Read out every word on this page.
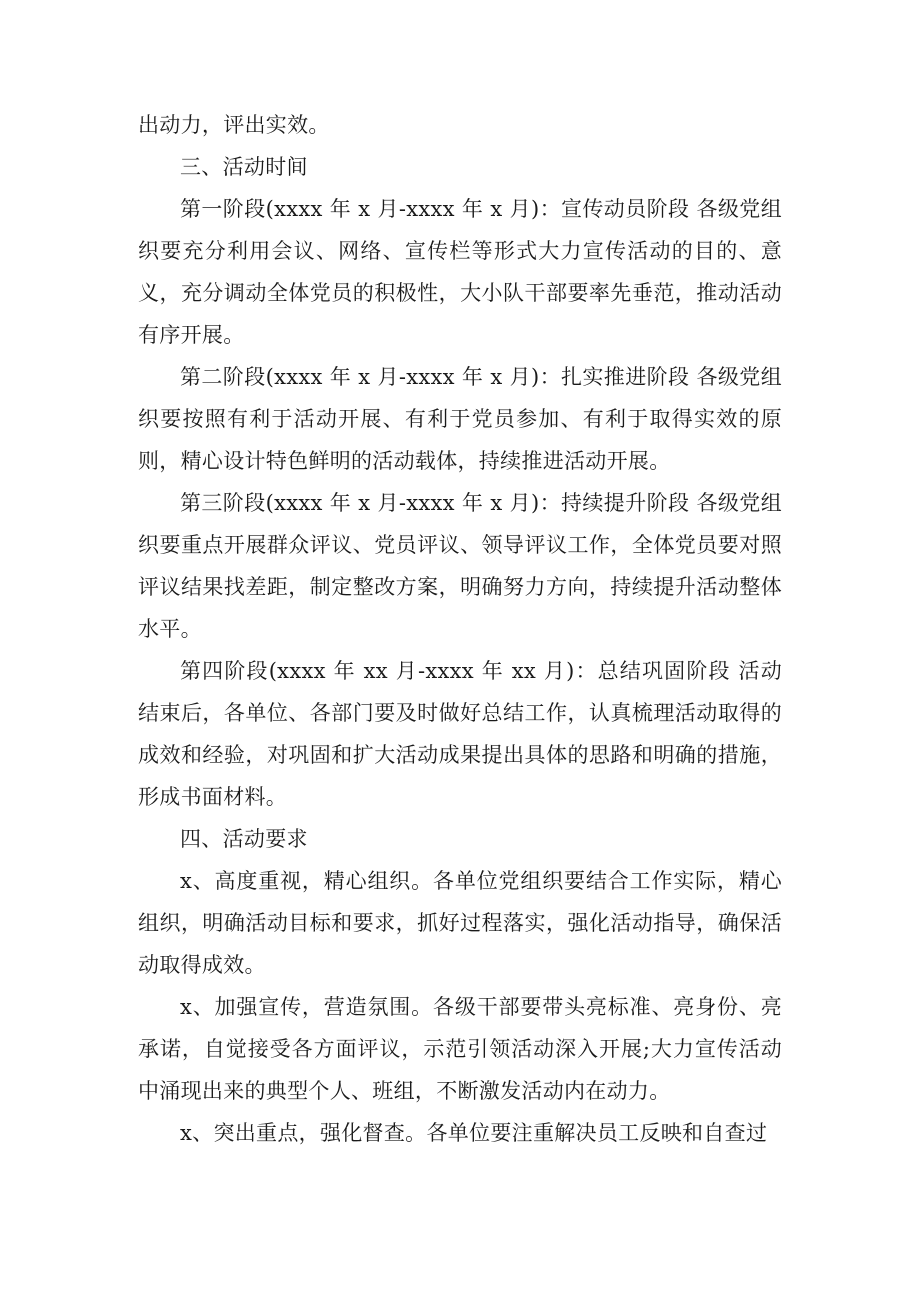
出动力，评出实效。

三、活动时间

第一阶段(xxxx 年 x 月-xxxx 年 x 月)：宣传动员阶段 各级党组织要充分利用会议、网络、宣传栏等形式大力宣传活动的目的、意义，充分调动全体党员的积极性，大小队干部要率先垂范，推动活动有序开展。

第二阶段(xxxx 年 x 月-xxxx 年 x 月)：扎实推进阶段 各级党组织要按照有利于活动开展、有利于党员参加、有利于取得实效的原则，精心设计特色鲜明的活动载体，持续推进活动开展。

第三阶段(xxxx 年 x 月-xxxx 年 x 月)：持续提升阶段 各级党组织要重点开展群众评议、党员评议、领导评议工作，全体党员要对照评议结果找差距，制定整改方案，明确努力方向，持续提升活动整体水平。

第四阶段(xxxx 年 xx 月-xxxx 年 xx 月)：总结巩固阶段 活动结束后，各单位、各部门要及时做好总结工作，认真梳理活动取得的成效和经验，对巩固和扩大活动成果提出具体的思路和明确的措施，形成书面材料。

四、活动要求

x、高度重视，精心组织。各单位党组织要结合工作实际，精心组织，明确活动目标和要求，抓好过程落实，强化活动指导，确保活动取得成效。

x、加强宣传，营造氛围。各级干部要带头亮标准、亮身份、亮承诺，自觉接受各方面评议，示范引领活动深入开展;大力宣传活动中涌现出来的典型个人、班组，不断激发活动内在动力。

x、突出重点，强化督查。各单位要注重解决员工反映和自查过
